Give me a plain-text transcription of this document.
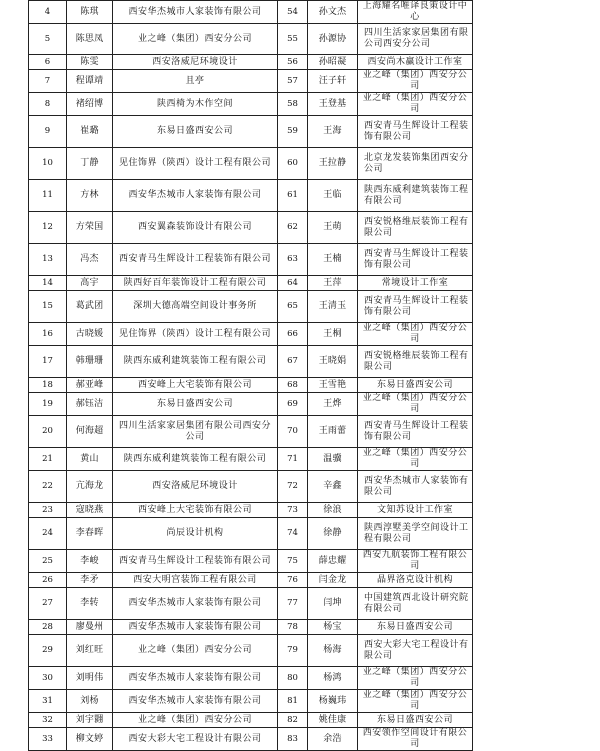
4	陈琪	西安华杰城市人家装饰有限公司	54	孙文杰	上海耀名唯译良策设计中心
5	陈思凤	业之峰（集团）西安分公司	55	孙源协	四川生活家家居集团有限公司西安分公司
6	陈雯	西安洛威尼环境设计	56	孙昭凝	西安尚木赢设计工作室
7	程谭靖	且亭	57	汪子轩	业之峰（集团）西安分公司
8	褚绍博	陕西椅为木作空间	58	王登基	业之峰（集团）西安分公司
9	崔璐	东易日盛西安公司	59	王海	西安青马生辉设计工程装饰有限公司
10	丁静	见住饰界（陕西）设计工程有限公司	60	王拉静	北京龙发装饰集团西安分公司
11	方林	西安华杰城市人家装饰有限公司	61	王临	陕西东威利建筑装饰工程有限公司
12	方荣国	西安翼森装饰设计有限公司	62	王萌	西安锐格维辰装饰工程有限公司
13	冯杰	西安青马生辉设计工程装饰有限公司	63	王楠	西安青马生辉设计工程装饰有限公司
14	高宇	陕西好百年装饰设计工程有限公司	64	王萍	常境设计工作室
15	葛武团	深圳大德高端空间设计事务所	65	王清玉	西安青马生辉设计工程装饰有限公司
16	古晓媛	见住饰界（陕西）设计工程有限公司	66	王桐	业之峰（集团）西安分公司
17	韩珊珊	陕西东威利建筑装饰工程有限公司	67	王晓娟	西安锐格维辰装饰工程有限公司
18	郝亚峰	西安峰上大宅装饰有限公司	68	王雪艳	东易日盛西安公司
19	郝钰洁	东易日盛西安公司	69	王烨	业之峰（集团）西安分公司
20	何海超	四川生活家家居集团有限公司西安分公司	70	王雨蕾	西安青马生辉设计工程装饰有限公司
21	黄山	陕西东威利建筑装饰工程有限公司	71	温骥	业之峰（集团）西安分公司
22	亢海龙	西安洛威尼环境设计	72	辛鑫	西安华杰城市人家装饰有限公司
23	寇晓燕	西安峰上大宅装饰有限公司	73	徐浪	文知苏设计工作室
24	李春晖	尚辰设计机构	74	徐静	陕西淳墅美学空间设计工程有限公司
25	李峻	西安青马生辉设计工程装饰有限公司	75	薛忠耀	西安九航装饰工程有限公司
26	李矛	西安大明宫装饰工程有限公司	76	闫金龙	晶界洛克设计机构
27	李转	西安华杰城市人家装饰有限公司	77	闫坤	中国建筑西北设计研究院有限公司
28	廖曼州	西安华杰城市人家装饰有限公司	78	杨宝	东易日盛西安公司
29	刘红旺	业之峰（集团）西安分公司	79	杨海	西安大彩大宅工程设计有限公司
30	刘明伟	西安华杰城市人家装饰有限公司	80	杨鸿	业之峰（集团）西安分公司
31	刘杨	西安华杰城市人家装饰有限公司	81	杨巍玮	业之峰（集团）西安分公司
32	刘宇翾	业之峰（集团）西安分公司	82	姚佳康	东易日盛西安公司
33	柳文婷	西安大彩大宅工程设计有限公司	83	余浩	西安领作空间设计有限公司
